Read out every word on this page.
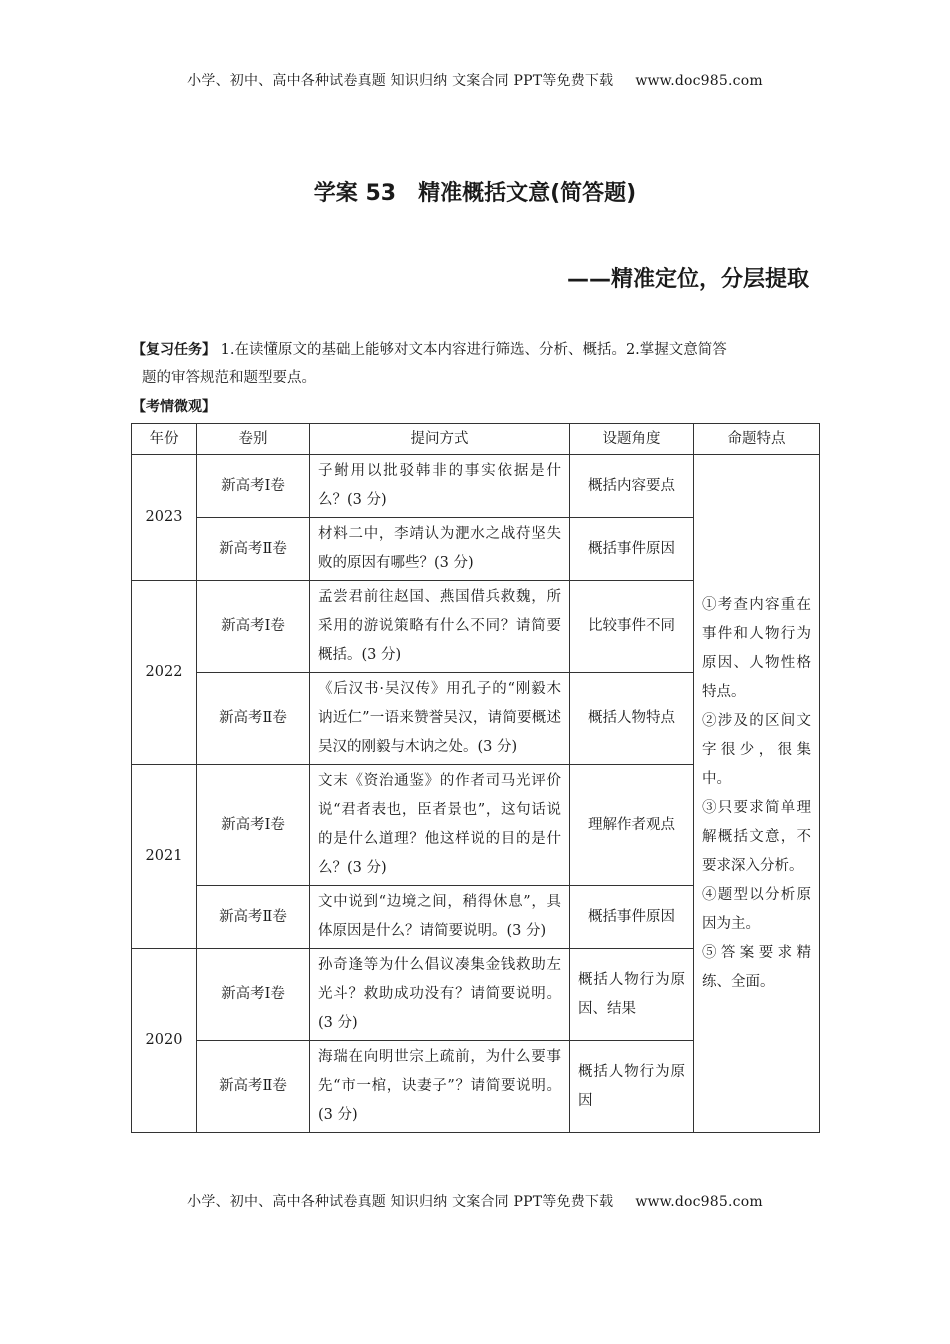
小学、初中、高中各种试卷真题 知识归纳 文案合同 PPT等免费下载 www.doc985.com
学案 53　精准概括文意(简答题)
——精准定位，分层提取
【复习任务】 1.在读懂原文的基础上能够对文本内容进行筛选、分析、概括。2.掌握文意简答
题的审答规范和题型要点。
【考情微观】
年份	卷别	提问方式	设题角度	命题特点
2023	新高考Ⅰ卷	子鲋用以批驳韩非的事实依据是什么？(3 分)	概括内容要点	①考查内容重在事件和人物行为原因、人物性格特点。
②涉及的区间文字很少，很集中。
③只要求简单理解概括文意，不要求深入分析。
④题型以分析原因为主。
⑤答案要求精练、全面。

	新高考Ⅱ卷	材料二中，李靖认为淝水之战苻坚失败的原因有哪些？(3 分)	概括事件原因	
2022	新高考Ⅰ卷	孟尝君前往赵国、燕国借兵救魏，所采用的游说策略有什么不同？请简要概括。(3 分)	比较事件不同	
	新高考Ⅱ卷	《后汉书·吴汉传》用孔子的“刚毅木讷近仁”一语来赞誉吴汉，请简要概述吴汉的刚毅与木讷之处。(3 分)	概括人物特点	
2021	新高考Ⅰ卷	文末《资治通鉴》的作者司马光评价说“君者表也，臣者景也”，这句话说的是什么道理？他这样说的目的是什么？(3 分)	理解作者观点	
	新高考Ⅱ卷	文中说到“边境之间，稍得休息”，具体原因是什么？请简要说明。(3 分)	概括事件原因	
2020	新高考Ⅰ卷	孙奇逢等为什么倡议凑集金钱救助左光斗？救助成功没有？请简要说明。(3 分)	概括人物行为原因、结果	
	新高考Ⅱ卷	海瑞在向明世宗上疏前，为什么要事先“市一棺，诀妻子”？请简要说明。(3 分)	概括人物行为原因	
小学、初中、高中各种试卷真题 知识归纳 文案合同 PPT等免费下载 www.doc985.com
